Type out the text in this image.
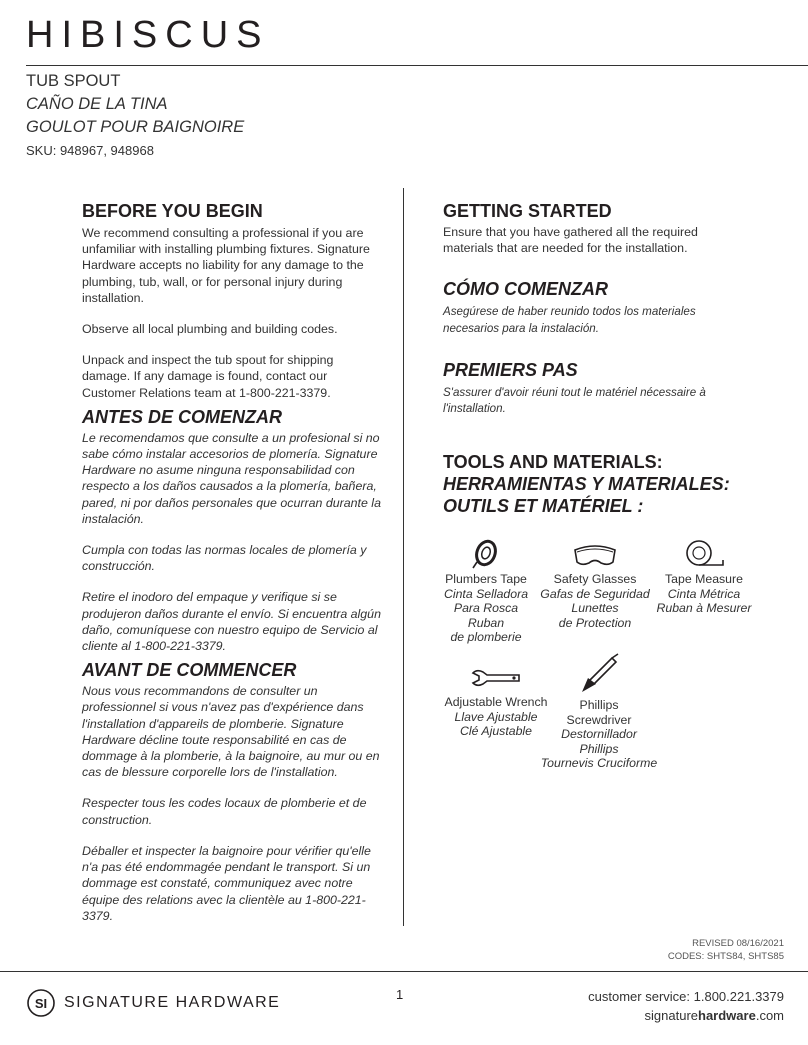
HIBISCUS
TUB SPOUT
CAÑO DE LA TINA
GOULOT POUR BAIGNOIRE
SKU: 948967, 948968
BEFORE YOU BEGIN

We recommend consulting a professional if you are unfamiliar with installing plumbing fixtures. Signature Hardware accepts no liability for any damage to the plumbing, tub, wall, or for personal injury during installation.

Observe all local plumbing and building codes.

Unpack and inspect the tub spout for shipping damage. If any damage is found, contact our Customer Relations team at 1-800-221-3379.

ANTES DE COMENZAR

Le recomendamos que consulte a un profesional si no sabe cómo instalar accesorios de plomería. Signature Hardware no asume ninguna responsabilidad con respecto a los daños causados a la plomería, bañera, pared, ni por daños personales que ocurran durante la instalación.

Cumpla con todas las normas locales de plomería y construcción.

Retire el inodoro del empaque y verifique si se produjeron daños durante el envío. Si encuentra algún daño, comuníquese con nuestro equipo de Servicio al cliente al 1-800-221-3379.

AVANT DE COMMENCER

Nous vous recommandons de consulter un professionnel si vous n'avez pas d'expérience dans l'installation d'appareils de plomberie. Signature Hardware décline toute responsabilité en cas de dommage à la plomberie, à la baignoire, au mur ou en cas de blessure corporelle lors de l'installation.

Respecter tous les codes locaux de plomberie et de construction.

Déballer et inspecter la baignoire pour vérifier qu'elle n'a pas été endommagée pendant le transport. Si un dommage est constaté, communiquez avec notre équipe des relations avec la clientèle au 1-800-221-3379.

GETTING STARTED

Ensure that you have gathered all the required materials that are needed for the installation.

CÓMO COMENZAR

Asegúrese de haber reunido todos los materiales necesarios para la instalación.

PREMIERS PAS

S'assurer d'avoir réuni tout le matériel nécessaire à l'installation.

TOOLS AND MATERIALS:
HERRAMIENTAS Y MATERIALES:
OUTILS ET MATÉRIEL :
Plumbers Tape
Cinta Selladora
Para Rosca
Ruban
de plomberie
Safety Glasses
Gafas de Seguridad
Lunettes
de Protection
Tape Measure
Cinta Métrica
Ruban à Mesurer
Adjustable Wrench
Llave Ajustable
Clé Ajustable
Phillips
Screwdriver
Destornillador
Phillips
Tournevis Cruciforme
REVISED 08/16/2021
CODES: SHTS84, SHTS85
SI SIGNATURE HARDWARE	1	customer service: 1.800.221.3379
signaturehardware.com
